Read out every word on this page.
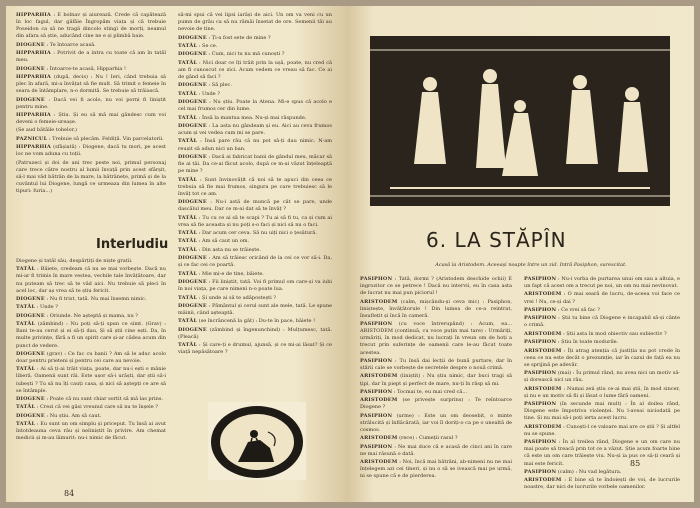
HIPPARHIA : E bolnav și aiurează. Crede că capătează în loc fagul, dar gâfâie Îngropăm viața și că trebuie Poseidon ca să ne tragă dincolo stingi de morți, neamul din afara să știe, aducând cine ne e și plimbă baie.

DIOGENE : Te întoarce acasă.

HIPPARHIA : Potrivit de a intra cu toate că am în tatăl meu.

DIOGENE : Întoarce-te acasă, Hipparhia !

HIPPARHIA (după, decis) : Nu ! Ieri, când trebuia să plec în afară, mi-a învățat să fie mult. Să trimit o femeie în seara de întâmplare, n-o dormită. Se trebuie să trăiască.

DIOGENE : Dacă vei fi acolo, nu voi porni fi liniștit pentru mine.

HIPPARHIA : Știu. Și eu să mă mai gândesc cum voi deveni o femeie-ureașe.

(Se aud bătăile tobelor.)

PAZNICUL : Trebuie să plecăm. Feldiță. Vin parcelatorii.

HIPPARHIA (sfâșiată) : Diogene, dacă tu mori, pe acest loc ne vom aduna cu toții.

(Patruzeci și doi de ani trec peste noi, primul personaj care trece către nostru al lumii învață prin acest sfârșit, să-l mai văd bătrân de la mare, la bătrânețe, primă și de la cuvântul lui Diogene, lungă ce urmeaza din lumea în alte tipuri: furia...)

Interludiu

Diogene și tatăl său, despărțiți de niște gratii.

TATĂL : Băiete, credeam că nu se mai vorbește. Dacă nu mi-ar fi trimis în mare vestea, vechile tale învățătoare, dar nu puteam să trec să te văd aici. Nu trebuie să pleci în acel loc, dar aș vrea să te știu fericit.

DIOGENE : Nu fi trist, tată. Nu mai însemn nimic.

TATĂL : Unde ?

DIOGENE : Oriunde. Ne așteptă și mama, nu ?

TATĂL (zâmbind) : Nu poți să-ți spun ce simt. (Grav) : Bani te-au cerut și ei să-ți dau, Și să știi cine ești. Da, în multe privințe, fără a fi un spirit care și-ar cădea acum din punct de vedere.

DIOGENE (grav) : Ce fac cu banii ? Am să le aduc acolo doar pentru prieteni și pentru cei care au nevoie.

TATĂL : Ai să ți-ai trăit viața, poate, dar nu-i ești o mânie liberă. Oamenii sunt răi. Este ușor să-i urăști, dar știi să-i iubești ? Tu să nu îți cauți casa, și nici să aștepți ce are să se întâmple.

DIOGENE : Poate că nu sunt chiar sortit să mă las prins.

TATĂL : Crezi că vei găsi vreunul care să nu te înșele ?

DIOGENE : Nu știu. Am să caut.

TATĂL : Eu sunt un om simplu și priceput. Tu însă ai avut întotdeauna ceva rău și neliniștit în privire. Am chemat medicii și m-au lămurit: nu-i nimic de făcut.

să-mi spui că vei lipsi iarăși de aici. Un om va veni cu un pumn de grâu ca să nu rămâi însetat de ore. Semenii tăi au nevoie de tine.

DIOGENE : Ți-a fost sete de mine ?

TATĂL : Se ce.

DIOGENE : Cum, nici tu nu mă cunoști ?

TATĂL : Nici doar ce îți trăit prin la ușă, poate, nu cred că am fi cunoscut ce zici. Acum vedem ce vreau să fac. Ce ai de gând să faci ?

DIOGENE : Să plec.

TATĂL : Unde ?

DIOGENE : Nu știu. Poate la Atena. Mi-e spus că acolo e cel mai frumos cer din lume.

TATĂL : Însă la mantua mea. Nu-și mai răspunde.

DIOGENE : La asta nu gândeam și eu. Aici au ceva frumos acum și vei vedea cum mi se pare.

TATĂL : Însă pare rău că nu pot să-ți dau nimic. N-am reușit să adun nici un ban.

DIOGENE : Dacă ai fabricat banii de gândul meu, măcar să fie ai tăi. Da ce-ai făcut acolo, după ce m-ai văzut înțeleapță pe mine ?

TATĂL : Sunt învinovățit că noi să te apuci din ceea ce trebuia să fie mai frumos, singura pe care trebuiesc să le învăț tot ce am.

DIOGENE : Nu-i astă de muncă pe cât se pare, unde dascălul meu. Dar ce m-ai dat să te învăț ?

TATĂL : Tu cu ce ai să te scapi ? Tu ai să fi tu, ca și cum ai vrea să fie aceasta și nu poți s-o faci și nici să nu o faci.

TATĂL : Dar acum cer ceva. Să nu uiți nici o țesătură.

TATĂL : Am să caut un om.

TATĂL : Din asta nu se trăiește.

DIOGENE : Am să trăiesc oricând de la cei ce vor să-i. Da, și ce fac cei ce poartă.

TATĂL : Mie mi-e de tine, băiete.

DIOGENE : Fii liniștit, tată. Voi fi primul om care-și va iubi în noi viața, pe care nimeni n-o poate lua.

TATĂL : Și unde ai să te adăpostești ?

DIOGENE : Pământul și cerul sunt ale mele, tată. Le spune mâinii, când așteaptă.

TATĂL (se încrâncenă la gât) : Du-te în pace, băiete !

DIOGENE (zâmbind și îngenunchind) : Mulțumesc, tată. (Pleacă)

TATĂL : Și care-ți e drumul, ajunsă, și ce mi-ai lăsat? Și ce viață nepăsătoare ?

84
6. LA STĂPÎN
Acasă la Aristodem. Aceeași noapte între un zid. Intră Pasiphon, surescitat.

PASIPHON : Tată, dormi ? (Aristodem deschide ochii) E ingrozitor ce se petrece ! Dacă nu intervii, eu în casa asta de lucrat nu mai pun piciorul !

ARISTODEM (calm, mișcându-și ceva mic) : Pasiphon, liniștește, învățătorule ! Din lumea de ce-a reintrat, însuflețit și încă în cameră.

PASIPHON (cu voce întrerupând) : Acum, ea... ARISTODEM (continuă, cu voce puțin mai tare) : Urmăriți, urmăriți, în mod dedicat, nu lucrați în vreun om de hoți a trecut prin suferințe de oamenii care le-au făcut toate acestea.

PASIPHON : Tu însă dai lecții de bună purtare, dar în stării cale se vorbește de secretele despre o nouă crimă.

ARISTODEM (liniștit) : Nu știu nimic, dar buci tragi să țipi, dar în piept și perfect de mare, nu-ți în răsp să mi.

PASIPHON : Tocmai te, eu mai cred că...

ARISTODEM (se privește surprins) : Te reîntoarce Diogene ?

PASIPHON (urme) : Este un om deosebit, o minte strălucită și înflăcărată, iar voi îl doriți-o ca pe o unealtă de cosmos.

ARISTODEM (rece) : Cumeții rasul ?

PASIPHON : Ne mai duce că e acasă de cinci ani în care ne mai răsună o dată.

ARISTODEM : Noi, încă mai bătrâni, ab-nimeni nu ne mai înțelegem azi cei tineri, și nu o să se ivească mai pe urmă, ni se spune că e de pierderea.

PASIPHON : Nu-i vorba de purtarea unui om sau a altuia, e un fapt că acest om a trecut pe noi, un om nu mai nevinovat.

ARISTODEM : O mai seară de lucru, de-aceea voi face ce vrei ! Nu, ce-și dai ?

PASIPHON : Ce vrei să fac ?

PASIPHON : Știi tu bine că Diogene e incapabil să-și cânte o crimă.

ARISTODEM : Știi asta în mod obiectiv sau subiectiv ?

PASIPHON : Știu în toate modurile.

ARISTODEM : Îți atrag atenția că justiția nu pot crede în ceea ce nu este decât o prezumție, iar în cazul de față ea nu se sprijină pe adevăr.

PASIPHON (mai) : Îu primul rând, nu avea nici un motiv să-și dorească nici un rău.

ARISTODEM : Numai zeii știu ce-ai mai știi, în mod sincer, și nu e un motiv să fii și lăsat o lume fără oameni.

PASIPHON (în secunde mai mult) : În al doilea rând, Diogene este împotriva violenței. Nu l-aveai niciodată pe tine. Și nu mai să-i poți ierta acest lucru.

ARISTODEM : Cunoști-l ce valoare mai are ce știi ? Și altfel nu se spune.

PASIPHON : În al treilea rând, Diogene e un om care nu mai poate să treacă prin tot ce a văzut. Știe acum foarte bine că este un om care trăiește viu. Nu-și ia pus ce să-ți ceară și mai este fericit.

PASIPHON (calm) : Nu vad legătura.

ARISTODEM : E bine să te îndoiești de voi, de lucrurile noastre, dar nici de lucrurile vorbele oamenilor.

85
